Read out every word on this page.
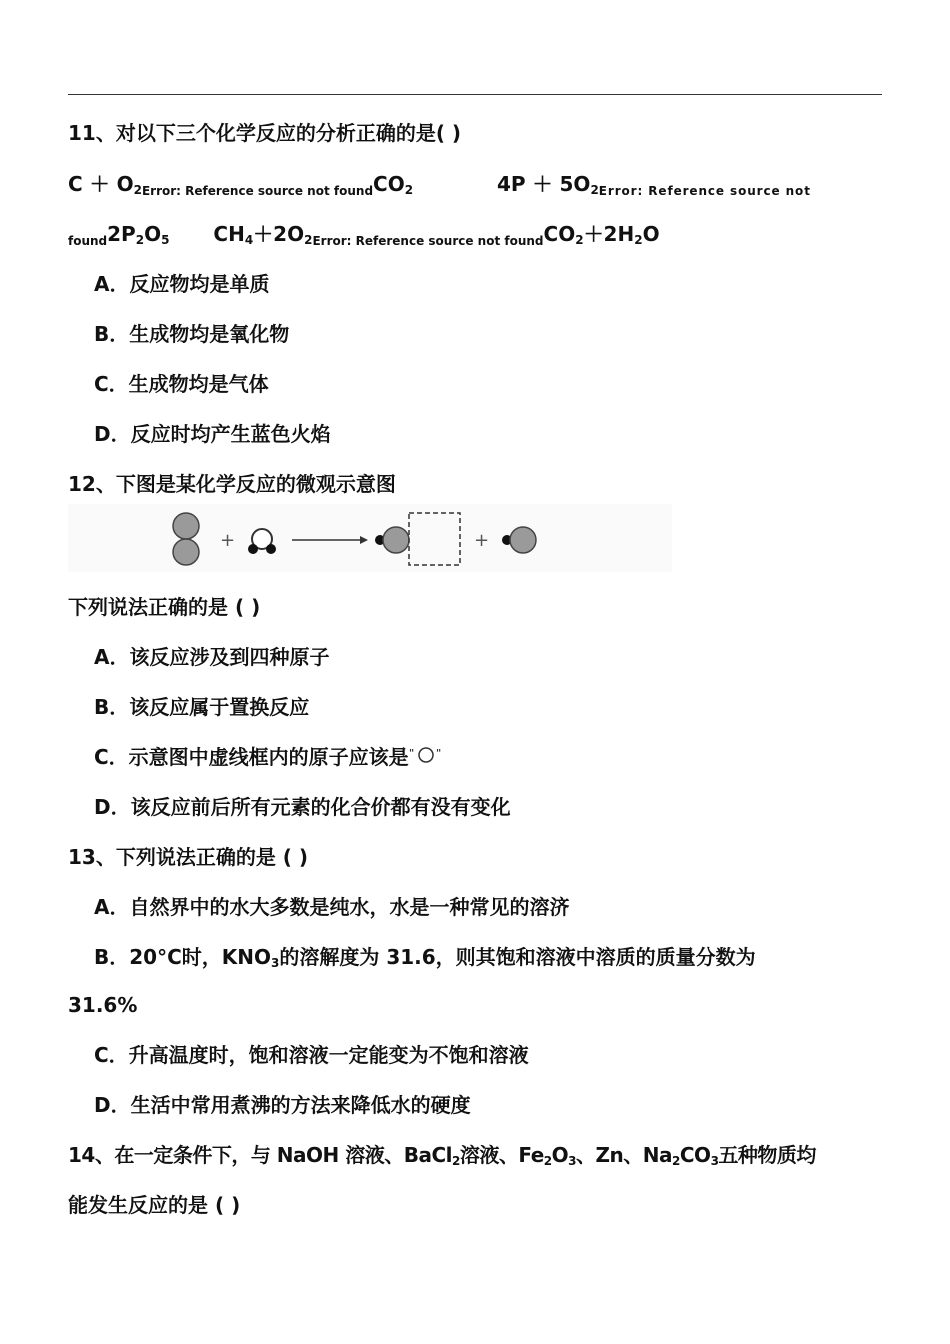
11、对以下三个化学反应的分析正确的是( )
$C + O_{2Error: Reference source not found}CO_2$	$4P + 5O_{2Error: Reference source not}$
$_{found}2P_2O_5$ $CH_4+2O_{2Error: Reference source not found}CO_2+2H_2O$
A．反应物均是单质
B．生成物均是氧化物
C．生成物均是气体
D．反应时均产生蓝色火焰
12、下图是某化学反应的微观示意图
+	+
下列说法正确的是 ( )
A．该反应涉及到四种原子
B．该反应属于置换反应
C．示意图中虚线框内的原子应该是 " "
D．该反应前后所有元素的化合价都有没有变化
13、下列说法正确的是 ( )
A．自然界中的水大多数是纯水，水是一种常见的溶济
B．20°C时，$KNO_3$的溶解度为 31.6，则其饱和溶液中溶质的质量分数为
31.6%
C．升高温度时，饱和溶液一定能变为不饱和溶液
D．生活中常用煮沸的方法来降低水的硬度
14、在一定条件下，与 NaOH 溶液、BaCl$_2$溶液、$Fe_2O_3$、Zn、$Na_2CO_3$五种物质均
能发生反应的是 ( )
